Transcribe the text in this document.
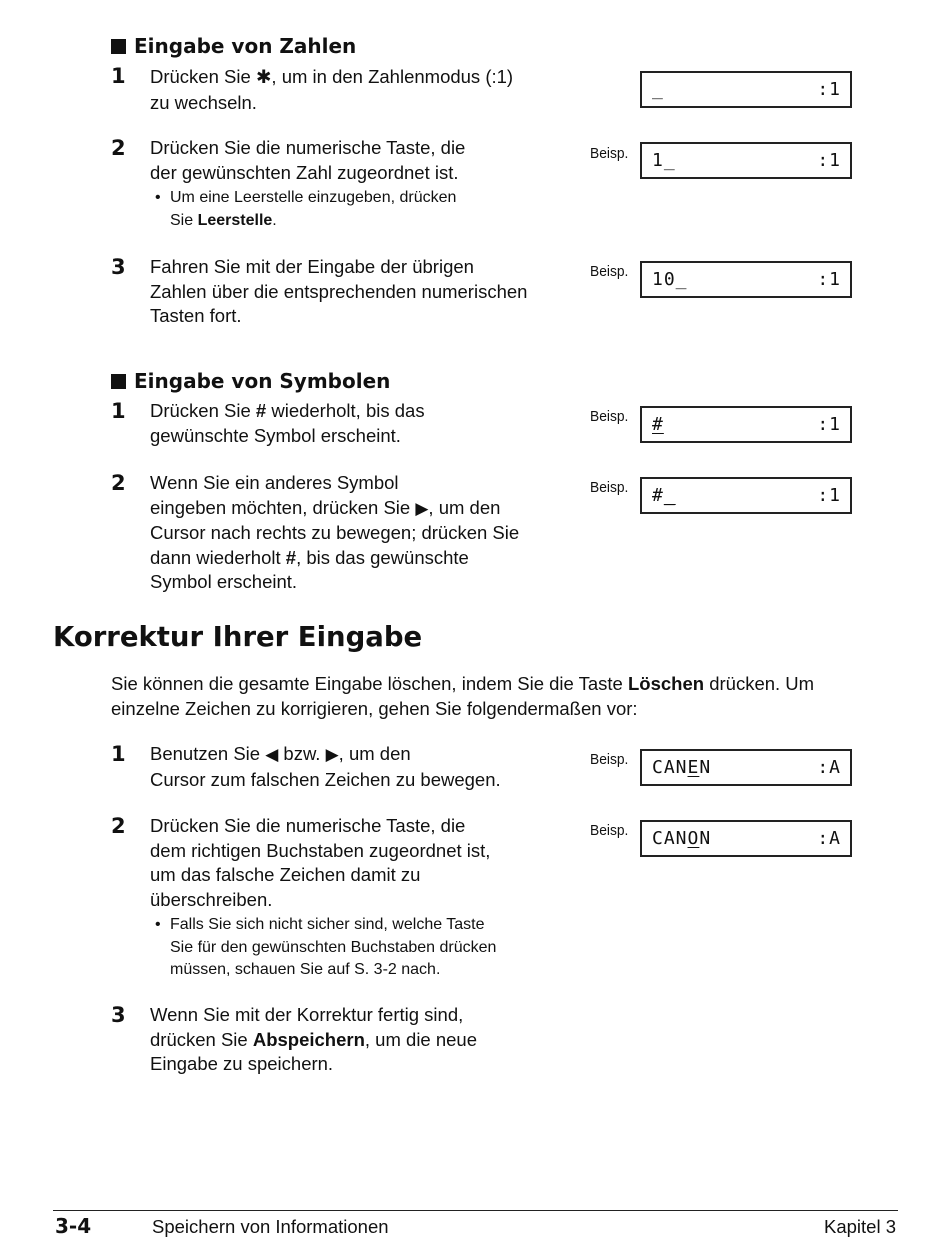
Eingabe von Zahlen
1 Drücken Sie ✱, um in den Zahlenmodus (:1)

zu wechseln.

_	:1
2 Drücken Sie die numerische Taste, die

der gewünschten Zahl zugeordnet ist.

• Um eine Leerstelle einzugeben, drücken
Sie Leerstelle.
Beisp. 1_	:1
3 Fahren Sie mit der Eingabe der übrigen

Zahlen über die entsprechenden numerischen

Tasten fort.

Beisp. 10_	:1
Eingabe von Symbolen
1 Drücken Sie # wiederholt, bis das

gewünschte Symbol erscheint.

Beisp. #	:1
2 Wenn Sie ein anderes Symbol

eingeben möchten, drücken Sie ▶, um den

Cursor nach rechts zu bewegen; drücken Sie

dann wiederholt #, bis das gewünschte

Symbol erscheint.

Beisp. #_	:1
Korrektur Ihrer Eingabe
Sie können die gesamte Eingabe löschen, indem Sie die Taste Löschen drücken. Um
einzelne Zeichen zu korrigieren, gehen Sie folgendermaßen vor:
1 Benutzen Sie ◀ bzw. ▶, um den

Cursor zum falschen Zeichen zu bewegen.

Beisp. CANEN	:A
2 Drücken Sie die numerische Taste, die

dem richtigen Buchstaben zugeordnet ist,

um das falsche Zeichen damit zu

überschreiben.

• Falls Sie sich nicht sicher sind, welche Taste
Sie für den gewünschten Buchstaben drücken
müssen, schauen Sie auf S. 3-2 nach.
Beisp. CANON	:A
3 Wenn Sie mit der Korrektur fertig sind,

drücken Sie Abspeichern, um die neue

Eingabe zu speichern.

3-4	Speichern von Informationen	Kapitel 3
